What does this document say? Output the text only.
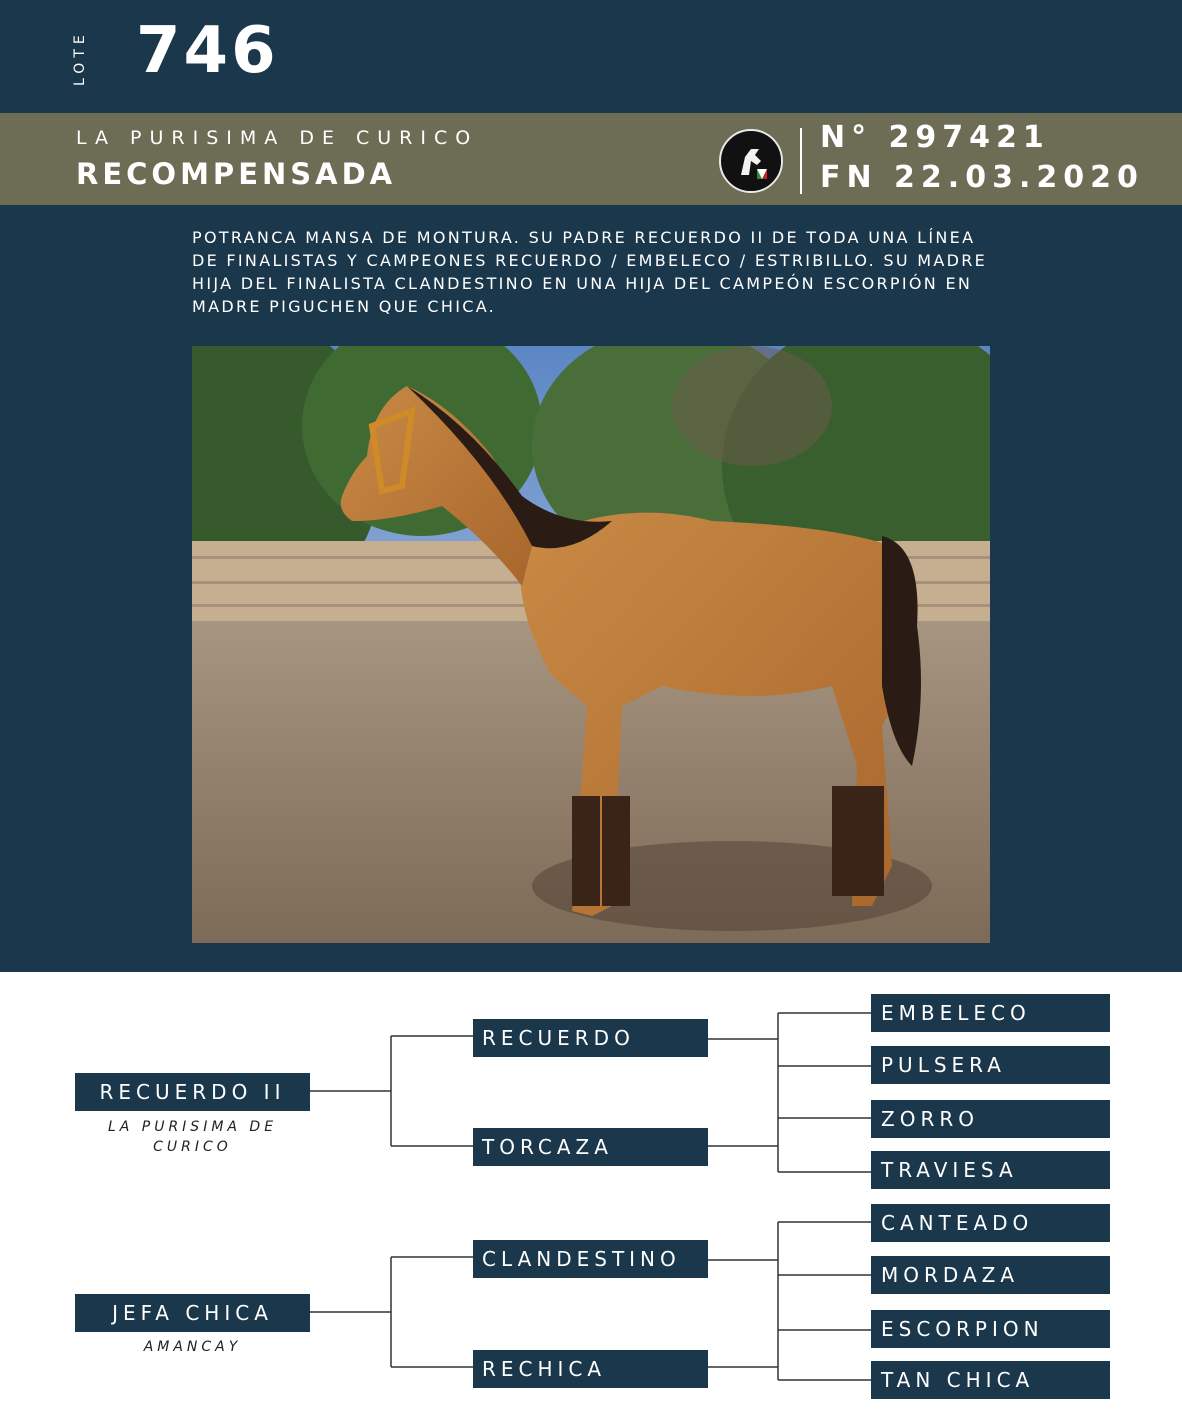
LOTE 746
LA PURISIMA DE CURICO
RECOMPENSADA
N° 297421
FN 22.03.2020
POTRANCA MANSA DE MONTURA. SU PADRE RECUERDO II DE TODA UNA LÍNEA DE FINALISTAS Y CAMPEONES RECUERDO / EMBELECO / ESTRIBILLO. SU MADRE HIJA DEL FINALISTA CLANDESTINO EN UNA HIJA DEL CAMPEÓN ESCORPIÓN EN MADRE PIGUCHEN QUE CHICA.
RECUERDO II
LA PURISIMA DE CURICO
JEFA CHICA
AMANCAY
RECUERDO
TORCAZA
CLANDESTINO
RECHICA
EMBELECO
PULSERA
ZORRO
TRAVIESA
CANTEADO
MORDAZA
ESCORPION
TAN CHICA
